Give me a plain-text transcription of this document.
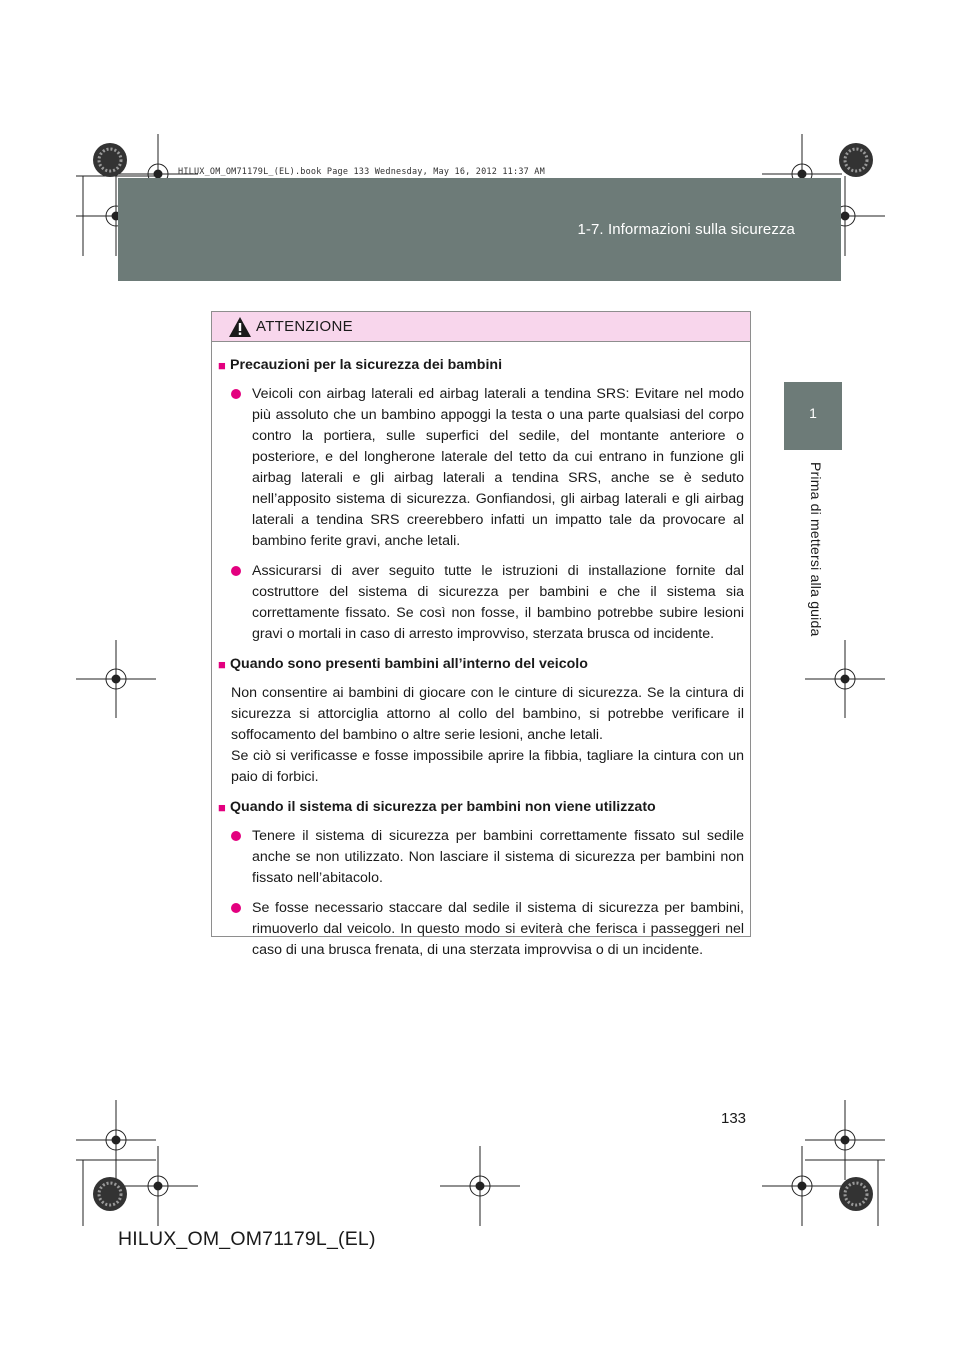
1-7. Informazioni sulla sicurezza
HILUX_OM_OM71179L_(EL).book Page 133 Wednesday, May 16, 2012 11:37 AM
1
Prima di mettersi alla guida
ATTENZIONE
■ Precauzioni per la sicurezza dei bambini
Veicoli con airbag laterali ed airbag laterali a tendina SRS: Evitare nel modo più assoluto che un bambino appoggi la testa o una parte qualsiasi del corpo contro la portiera, sulle superfici del sedile, del montante anteriore o posteriore, e del longherone laterale del tetto da cui entrano in funzione gli airbag laterali e gli airbag laterali a tendina SRS, anche se è seduto nell’apposito sistema di sicurezza. Gonfiandosi, gli airbag laterali e gli airbag laterali a tendina SRS creerebbero infatti un impatto tale da provocare al bambino ferite gravi, anche letali.
Assicurarsi di aver seguito tutte le istruzioni di installazione fornite dal costruttore del sistema di sicurezza per bambini e che il sistema sia correttamente fissato. Se così non fosse, il bambino potrebbe subire lesioni gravi o mortali in caso di arresto improvviso, sterzata brusca od incidente.
■ Quando sono presenti bambini all’interno del veicolo
Non consentire ai bambini di giocare con le cinture di sicurezza. Se la cintura di sicurezza si attorciglia attorno al collo del bambino, si potrebbe verificare il soffocamento del bambino o altre serie lesioni, anche letali.
Se ciò si verificasse e fosse impossibile aprire la fibbia, tagliare la cintura con un paio di forbici.
■ Quando il sistema di sicurezza per bambini non viene utilizzato
Tenere il sistema di sicurezza per bambini correttamente fissato sul sedile anche se non utilizzato. Non lasciare il sistema di sicurezza per bambini non fissato nell’abitacolo.
Se fosse necessario staccare dal sedile il sistema di sicurezza per bambini, rimuoverlo dal veicolo. In questo modo si eviterà che ferisca i passeggeri nel caso di una brusca frenata, di una sterzata improvvisa o di un incidente.
133
HILUX_OM_OM71179L_(EL)
